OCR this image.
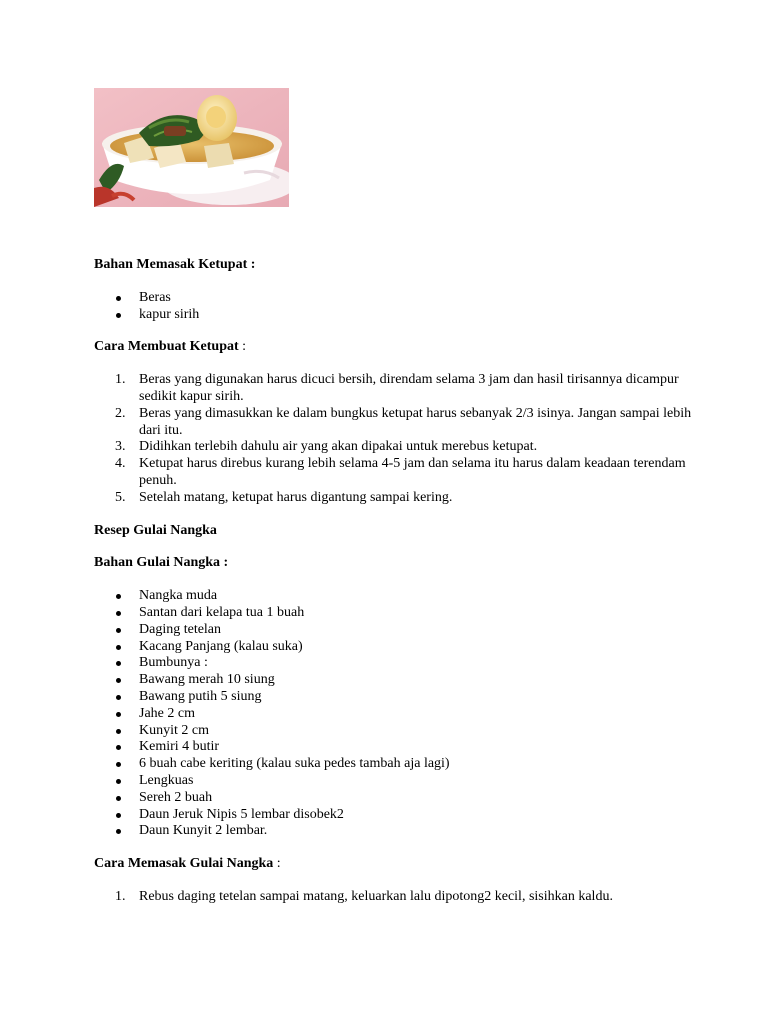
Bahan Memasak Ketupat :

Beras
kapur sirih

Cara Membuat Ketupat :

1. Beras yang digunakan harus dicuci bersih, direndam selama 3 jam dan hasil tirisannya dicampur sedikit kapur sirih.
2. Beras yang dimasukkan ke dalam bungkus ketupat harus sebanyak 2/3 isinya. Jangan sampai lebih dari itu.
3. Didihkan terlebih dahulu air yang akan dipakai untuk merebus ketupat.
4. Ketupat harus direbus kurang lebih selama 4-5 jam dan selama itu harus dalam keadaan terendam penuh.
5. Setelah matang, ketupat harus digantung sampai kering.

Resep Gulai Nangka

Bahan Gulai Nangka :

Nangka muda
Santan dari kelapa tua 1 buah
Daging tetelan
Kacang Panjang (kalau suka)
Bumbunya :
Bawang merah 10 siung
Bawang putih 5 siung
Jahe 2 cm
Kunyit 2 cm
Kemiri 4 butir
6 buah cabe keriting (kalau suka pedes tambah aja lagi)
Lengkuas
Sereh 2 buah
Daun Jeruk Nipis 5 lembar disobek2
Daun Kunyit 2 lembar.

Cara Memasak Gulai Nangka :

1. Rebus daging tetelan sampai matang, keluarkan lalu dipotong2 kecil, sisihkan kaldu.
